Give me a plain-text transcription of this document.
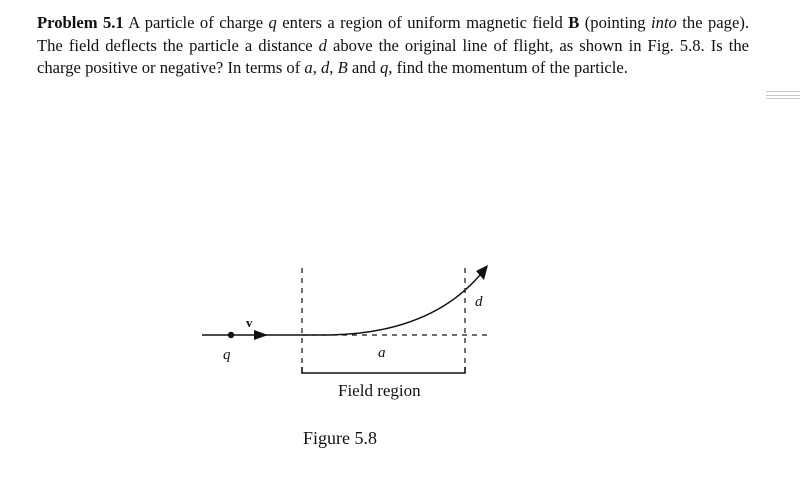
Problem 5.1 A particle of charge q enters a region of uniform magnetic field B (pointing into the page). The field deflects the particle a distance d above the original line of flight, as shown in Fig. 5.8. Is the charge positive or negative? In terms of a, d, B and q, find the momentum of the particle.

v
q	a
d
Field region
Figure 5.8
